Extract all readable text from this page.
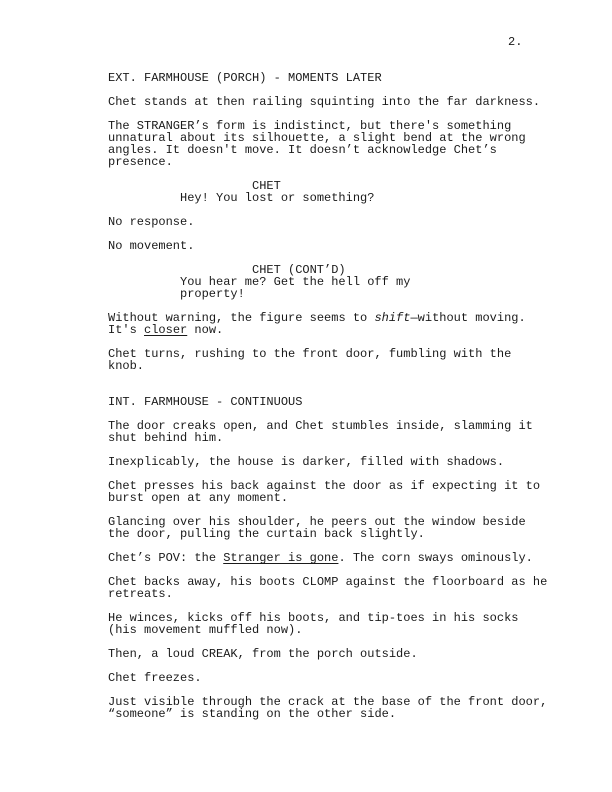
2.
EXT. FARMHOUSE (PORCH) - MOMENTS LATER
Chet stands at then railing squinting into the far darkness.
The STRANGER’s form is indistinct, but there's something
unnatural about its silhouette, a slight bend at the wrong
angles. It doesn't move. It doesn’t acknowledge Chet’s
presence.
CHET
Hey! You lost or something?
No response.
No movement.
CHET (CONT’D)
You hear me? Get the hell off my
property!
Without warning, the figure seems to shift—without moving.
It's closer now.
Chet turns, rushing to the front door, fumbling with the
knob.
INT. FARMHOUSE - CONTINUOUS
The door creaks open, and Chet stumbles inside, slamming it
shut behind him.
Inexplicably, the house is darker, filled with shadows.
Chet presses his back against the door as if expecting it to
burst open at any moment.
Glancing over his shoulder, he peers out the window beside
the door, pulling the curtain back slightly.
Chet’s POV: the Stranger is gone. The corn sways ominously.
Chet backs away, his boots CLOMP against the floorboard as he
retreats.
He winces, kicks off his boots, and tip-toes in his socks
(his movement muffled now).
Then, a loud CREAK, from the porch outside.
Chet freezes.
Just visible through the crack at the base of the front door,
“someone” is standing on the other side.
